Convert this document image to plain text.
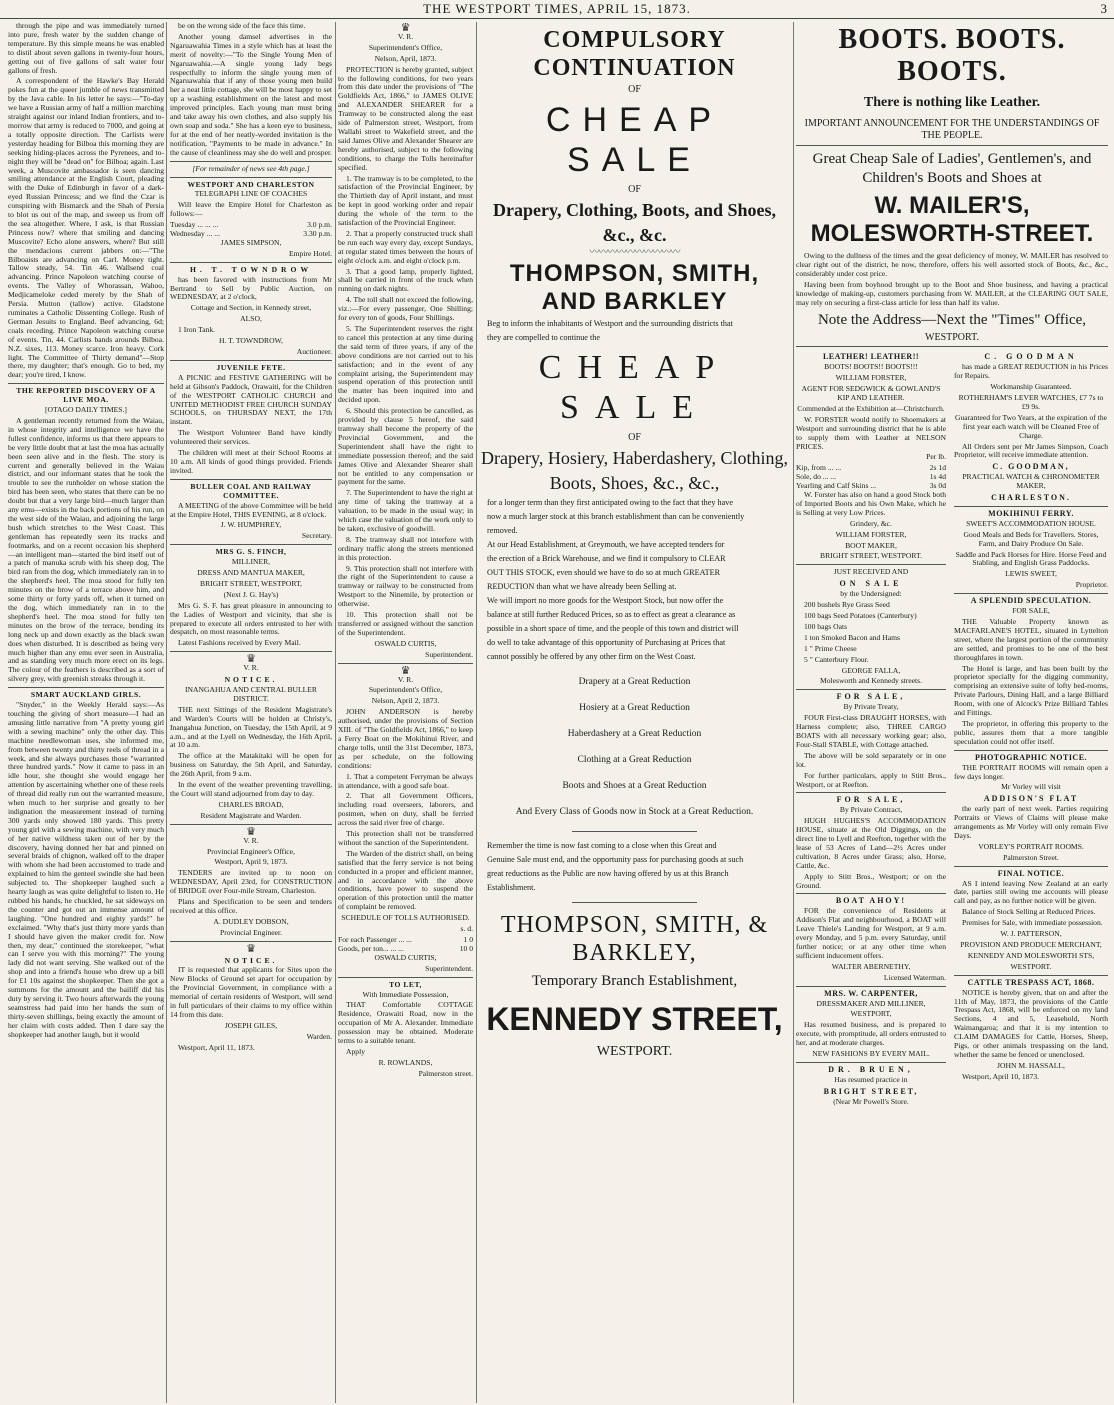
THE WESTPORT TIMES, APRIL 15, 1873.	3

through the pipe and was immediately turned into pure, fresh water by the sudden change of temperature. By this simple means he was enabled to distil about seven gallons in twenty-four hours, getting out of five gallons of salt water four gallons of fresh.

A correspondent of the Hawke's Bay Herald pokes fun at the queer jumble of news transmitted by the Java cable. In his letter he says:—"To-day we have a Russian army of half a million marching straight against our inland Indian frontiers, and to-morrow that army is reduced to 7000, and going at a totally opposite direction. The Carlists were yesterday heading for Bilboa this morning they are seeking hiding-places across the Pyrenees, and to-night they will be "dead on" for Bilboa; again. Last week, a Muscovite ambassador is seen dancing smiling attendance at the English Court, pleading with the Duke of Edinburgh in favor of a dark-eyed Russian Princess; and we find the Czar is conspiring with Bismarck and the Shah of Persia to blot us out of the map, and sweep us from off the sea altogether. Where, I ask, is that Russian Princess now? where that smiling and dancing Muscovite? Echo alone answers, where? But still the mendacious current jabbers on:—"The Bilboaists are advancing on Carl. Money tight. Tallow steady, 54. Tin 46. Wallsend coal advancing. Prince Napoleon watching course of events. The Valley of Whorassan, Wahoo, Medjicameloke ceded merely by the Shah of Persia. Mutton (tallow) active. Gladstone ruminates a Catholic Dissenting College. Rush of German Jesuits to England. Beef advancing, 6d; coals receding. Prince Napoleon watching course of events. Tin, 44. Carlists bands arounds Bilboa. N.Z. sixes, 113. Money scarce. Iron heavy. Cork light. The Committee of Thirty demand"—Stop there, my daughter; that's enough. Go to bed, my dear; you're tired, I know.

THE REPORTED DISCOVERY OF A LIVE MOA.

[OTAGO DAILY TIMES.]

A gentleman recently returned from the Waiau, in whose integrity and intelligence we have the fullest confidence, informs us that there appears to be very little doubt that at last the moa has actually been seen alive and in the flesh. The story is current and generally believed in the Waiau district, and our informant states that he took the trouble to see the runholder on whose station the bird has been seen, who states that there can be no doubt but that a very large bird—much larger than any emu—exists in the back portions of his run, on the west side of the Waiau, and adjoining the large bush which stretches to the West Coast. This gentleman has repeatedly seen its tracks and footmarks, and on a recent occasion his shepherd—an intelligent man—started the bird itself out of a patch of manuka scrub with his sheep dog. The bird ran from the dog, which immediately ran in to the shepherd's heel. The moa stood for fully ten minutes on the brow of a terrace above him, and some thirty or forty yards off, when it turned on the dog, which immediately ran in to the shepherd's heel. The moa stood for fully ten minutes on the brow of the terrace, bending its long neck up and down exactly as the black swan does when disturbed. It is described as being very much higher than any emu ever seen in Australia, and as standing very much more erect on its legs. The colour of the feathers is described as a sort of silvery grey, with greenish streaks through it.

SMART AUCKLAND GIRLS.

"Snyder," in the Weekly Herald says:—As touching the giving of short measure—I had an amusing little narrative from "A pretty young girl with a sewing machine" only the other day. This machine needlewoman uses, she informed me, from between twenty and thirty reels of thread in a week, and she always purchases those "warranted three hundred yards." Now it came to pass in an idle hour, she thought she would engage her attention by ascertaining whether one of these reels of thread did really run out the warranted measure, when much to her surprise and greatly to her indignation the measurement instead of turning 300 yards only showed 180 yards. This pretty young girl with a sewing machine, with very much of her native wildness taken out of her by the discovery, having donned her hat and pinned on several braids of chignon, walked off to the draper with whom she had been accustomed to trade and explained to him the genteel swindle she had been subjected to. The shopkeeper laughed such a hearty laugh as was quite delightful to listen to. He rubbed his hands, he chuckled, he sat sideways on the counter and got out an immense amount of laughing. "One hundred and eighty yards!" he exclaimed. "Why that's just thirty more yards than I should have given the maker credit for. Now then, my dear," continued the storekeeper, "what can I serve you with this morning?" The young lady did not want serving. She walked out of the shop and into a friend's house who drew up a bill for £1 10s against the shopkeeper. Then she got a summons for the amount and the bailiff did his duty by serving it. Two hours afterwards the young seamstress had paid into her hands the sum of thirty-seven shillings, being exactly the amount of her claim with costs added. Then I dare say the shopkeeper had another laugh, but it would

be on the wrong side of the face this time.

Another young damsel advertises in the Ngaruawahia Times in a style which has at least the merit of novelty:—"To the Single Young Men of Ngaruawahia.—A single young lady begs respectfully to inform the single young men of Ngaruawahia that if any of those young men build her a neat little cottage, she will be most happy to set up a washing establishment on the latest and most improved principles. Each young man must bring and take away his own clothes, and also supply his own soap and soda." She has a keen eye to business, for at the end of her neatly-worded invitation is the notification, "Payments to be made in advance." In the cause of cleanliness may she do well and prosper.

[For remainder of news see 4th page.]

WESTPORT AND CHARLESTON

TELEGRAPH LINE OF COACHES

Will leave the Empire Hotel for Charleston as follows:—

Tuesday ... ... ...	3.0 p.m.
Wednesday ... ...	3.30 p.m.

JAMES SIMPSON,

Empire Hotel.

H. T. TOWNDROW

has been favored with instructions from Mr Bertrand to Sell by Public Auction, on WEDNESDAY, at 2 o'clock,

Cottage and Section, in Kennedy street,

ALSO,

1 Iron Tank.

H. T. TOWNDROW,

Auctioneer.

JUVENILE FETE.

A PICNIC and FESTIVE GATHERING will be held at Gibson's Paddock, Orawaiti, for the Children of the WESTPORT CATHOLIC CHURCH and UNITED METHODIST FREE CHURCH SUNDAY SCHOOLS, on THURSDAY NEXT, the 17th instant.

The Westport Volunteer Band have kindly volunteered their services.

The children will meet at their School Rooms at 10 a.m. All kinds of good things provided. Friends invited.

BULLER COAL AND RAILWAY COMMITTEE.

A MEETING of the above Committee will be held at the Empire Hotel, THIS EVENING, at 8 o'clock.

J. W. HUMPHREY,

Secretary.

MRS G. S. FINCH,

MILLINER,

DRESS AND MANTUA MAKER,

BRIGHT STREET, WESTPORT,

(Next J. G. Hay's)

Mrs G. S. F. has great pleasure in announcing to the Ladies of Westport and vicinity, that she is prepared to execute all orders entrusted to her with despatch, on most reasonable terms.

Latest Fashions received by Every Mail.

♛

V. R.

NOTICE.

INANGAHUA AND CENTRAL BULLER DISTRICT.

THE next Sittings of the Resident Magistrate's and Warden's Courts will be holden at Christy's, Inangahua Junction, on Tuesday, the 15th April, at 9 a.m., and at the Lyell on Wednesday, the 16th April, at 10 a.m.

The office at the Matakitaki will be open for business on Saturday, the 5th April, and Saturday, the 26th April, from 9 a.m.

In the event of the weather preventing travelling, the Court will stand adjourned from day to day.

CHARLES BROAD,

Resident Magistrate and Warden.

♛

V. R.

Provincial Engineer's Office,

Westport, April 9, 1873.

TENDERS are invited up to noon on WEDNESDAY, April 23rd, for CONSTRUCTION of BRIDGE over Four-mile Stream, Charleston.

Plans and Specification to be seen and tenders received at this office.

A. DUDLEY DOBSON,

Provincial Engineer.

♛

NOTICE.

IT is requested that applicants for Sites upon the New Blocks of Ground set apart for occupation by the Provincial Government, in compliance with a memorial of certain residents of Westport, will send in full particulars of their claims to my office within 14 from this date.

JOSEPH GILES,

Warden.

Westport, April 11, 1873.

♛

V. R.

Superintendent's Office,

Nelson, April, 1873.

PROTECTION is hereby granted, subject to the following conditions, for two years from this date under the provisions of "The Goldfields Act, 1866," to JAMES OLIVE and ALEXANDER SHEARER for a Tramway to be constructed along the east side of Palmerston street, Westport, from Wallabi street to Wakefield street, and the said James Olive and Alexander Shearer are hereby authorised, subject to the following conditions, to charge the Tolls hereinafter specified.

1. The tramway is to be completed, to the satisfaction of the Provincial Engineer, by the Thirtieth day of April instant, and must be kept in good working order and repair during the whole of the term to the satisfaction of the Provincial Engineer.

2. That a properly constructed truck shall be run each way every day, except Sundays, at regular stated times between the hours of eight o'clock a.m. and eight o'clock p.m.

3. That a good lamp, properly lighted, shall be carried in front of the truck when running on dark nights.

4. The toll shall not exceed the following, viz.:—For every passenger, One Shilling; for every ton of goods, Four Shillings.

5. The Superintendent reserves the right to cancel this protection at any time during the said term of three years, if any of the above conditions are not carried out to his satisfaction; and in the event of any complaint arising, the Superintendent may suspend operation of this protection until the matter has been inquired into and decided upon.

6. Should this protection be cancelled, as provided by clause 5 hereof, the said tramway shall become the property of the Provincial Government, and the Superintendent shall have the right to immediate possession thereof; and the said James Olive and Alexander Shearer shall not be entitled to any compensation or payment for the same.

7. The Superintendent to have the right at any time of taking the tramway at a valuation, to be made in the usual way; in which case the valuation of the work only to be taken, exclusive of goodwill.

8. The tramway shall not interfere with ordinary traffic along the streets mentioned in this protection.

9. This protection shall not interfere with the right of the Superintendent to cause a tramway or railway to be constructed from Westport to the Ninemile, by protection or otherwise.

10. This protection shall not be transferred or assigned without the sanction of the Superintendent.

OSWALD CURTIS,

Superintendent.

♛

V. R.

Superintendent's Office,

Nelson, April 2, 1873.

JOHN ANDERSON is hereby authorised, under the provisions of Section XIII. of "The Goldfields Act, 1866," to keep a Ferry Boat on the Mokihinui River, and charge tolls, until the 31st December, 1873, as per schedule, on the following conditions:

1. That a competent Ferryman be always in attendance, with a good safe boat.

2. That all Government Officers, including road overseers, laborers, and postmen, when on duty, shall be ferried across the said river free of charge.

This protection shall not be transferred without the sanction of the Superintendent.

The Warden of the district shall, on being satisfied that the ferry service is not being conducted in a proper and efficient manner, and in accordance with the above conditions, have power to suspend the operation of this protection until the matter of complaint be removed.

SCHEDULE OF TOLLS AUTHORISED.

s. d.

For each Passenger ... ...	1 0
Goods, per ton... ... ...	10 0

OSWALD CURTIS,

Superintendent.

TO LET,

With Immediate Possession,

THAT Comfortable COTTAGE Residence, Orawaiti Road, now in the occupation of Mr A. Alexander. Immediate possession may be obtained. Moderate terms to a suitable tenant.

Apply

R. ROWLANDS,

Palmerston street.

COMPULSORY CONTINUATION

OF

CHEAP SALE

OF

Drapery, Clothing, Boots, and Shoes,

&c., &c.

〰〰〰〰〰〰〰〰〰〰

THOMPSON, SMITH, AND BARKLEY

Beg to inform the inhabitants of Westport and the surrounding districts that

they are compelled to continue the

CHEAP SALE

OF

Drapery, Hosiery, Haberdashery, Clothing,

Boots, Shoes, &c., &c.,

for a longer term than they first anticipated owing to the fact that they have

now a much larger stock at this branch establishment than can be conveniently

removed.

At our Head Establishment, at Greymouth, we have accepted tenders for

the erection of a Brick Warehouse, and we find it compulsory to CLEAR

OUT THIS STOCK, even should we have to do so at much GREATER

REDUCTION than what we have already been Selling at.

We will import no more goods for the Westport Stock, but now offer the

balance at still further Reduced Prices, so as to effect as great a clearance as

possible in a short space of time, and the people of this town and district will

do well to take advantage of this opportunity of Purchasing at Prices that

cannot possibly be offered by any other firm on the West Coast.

Drapery at a Great Reduction

Hosiery at a Great Reduction

Haberdashery at a Great Reduction

Clothing at a Great Reduction

Boots and Shoes at a Great Reduction

And Every Class of Goods now in Stock at a Great Reduction.

Remember the time is now fast coming to a close when this Great and

Genuine Sale must end, and the opportunity pass for purchasing goods at such

great reductions as the Public are now having offered by us at this Branch

Establishment.

THOMPSON, SMITH, & BARKLEY,

Temporary Branch Establishment,

KENNEDY STREET,

WESTPORT.

BOOTS. BOOTS. BOOTS.

There is nothing like Leather.

IMPORTANT ANNOUNCEMENT FOR THE UNDERSTANDINGS OF THE PEOPLE.

Great Cheap Sale of Ladies', Gentlemen's, and Children's Boots and Shoes at

W. MAILER'S, MOLESWORTH-STREET.

Owing to the dullness of the times and the great deficiency of money, W. MAILER has resolved to clear right out of the district, he now, therefore, offers his well assorted stock of Boots, &c., &c., considerably under cost price.

Having been from boyhood brought up to the Boot and Shoe business, and having a practical knowledge of making-up, customers purchasing from W. MAILER, at the CLEARING OUT SALE, may rely on securing a first-class article for less than half its value.

Note the Address—Next the "Times" Office,

WESTPORT.

LEATHER! LEATHER!!

BOOTS! BOOTS!! BOOTS!!!

WILLIAM FORSTER,

AGENT FOR SEDGWICK & GOWLAND'S KIP AND LEATHER.

Commended at the Exhibition at—Christchurch.

W. FORSTER would notify to Shoemakers at Westport and surrounding district that he is able to supply them with Leather at NELSON PRICES.

Per lb.

Kip, from ... ...	2s 1d
Sole, do ... ...	1s 4d
Yearling and Calf Skins ...	3s 0d

W. Forster has also on hand a good Stock both of Imported Boots and his Own Make, which he is Selling at very Low Prices.

Grindery, &c.

WILLIAM FORSTER,

BOOT MAKER,

BRIGHT STREET, WESTPORT.

JUST RECEIVED AND

ON SALE

by the Undersigned:

200 bushels Rye Grass Seed

100 bags Seed Potatoes (Canterbury)

100 bags Oats

1 ton Smoked Bacon and Hams

1 " Prime Cheese

5 " Canterbury Flour.

GEORGE FALLA,

Molesworth and Kennedy streets.

FOR SALE,

By Private Treaty,

FOUR First-class DRAUGHT HORSES, with Harness complete; also, THREE CARGO BOATS with all necessary working gear; also, Four-Stall STABLE, with Cottage attached.

The above will be sold separately or in one lot.

For further particulars, apply to Stitt Bros., Westport, or at Reefton.

FOR SALE,

By Private Contract,

HUGH HUGHES'S ACCOMMODATION HOUSE, situate at the Old Diggings, on the direct line to Lyell and Reefton, together with the lease of 53 Acres of Land—2½ Acres under cultivation, 8 Acres under Grass; also, Horse, Cattle, &c.

Apply to Stitt Bros., Westport; or on the Ground.

BOAT AHOY!

FOR the convenience of Residents at Addison's Flat and neighbourhood, a BOAT will Leave Thiele's Landing for Westport, at 9 a.m. every Monday, and 5 p.m. every Saturday, until further notice; or at any other time when sufficient inducement offers.

WALTER ABERNETHY,

Licensed Waterman.

MRS. W. CARPENTER,

DRESSMAKER AND MILLINER,

WESTPORT,

Has resumed business, and is prepared to execute, with promptitude, all orders entrusted to her, and at moderate charges.

NEW FASHIONS BY EVERY MAIL.

DR. BRUEN,

Has resumed practice in

BRIGHT STREET,

(Near Mr Powell's Store.

C. GOODMAN

has made a GREAT REDUCTION in his Prices for Repairs.

Workmanship Guaranteed.

ROTHERHAM'S LEVER WATCHES, £7 7s to £9 9s.

Guaranteed for Two Years, at the expiration of the first year each watch will be Cleaned Free of Charge.

All Orders sent per Mr James Simpson, Coach Proprietor, will receive immediate attention.

C. GOODMAN,

PRACTICAL WATCH & CHRONOMETER MAKER,

CHARLESTON.

MOKIHINUI FERRY.

SWEET'S ACCOMMODATION HOUSE.

Good Meals and Beds for Travellers. Stores, Farm, and Dairy Produce On Sale.

Saddle and Pack Horses for Hire. Horse Feed and Stabling, and English Grass Paddocks.

LEWIS SWEET,

Proprietor.

A SPLENDID SPECULATION.

FOR SALE,

THE Valuable Property known as MACFARLANE'S HOTEL, situated in Lyttelton street, where the largest portion of the community are settled, and promises to be one of the best thoroughfares in town.

The Hotel is large, and has been built by the proprietor specially for the digging community, comprising an extensive suite of lofty bed-rooms, Private Parlours, Dining Hall, and a large Billiard Room, with one of Alcock's Prize Billiard Tables and Fittings.

The proprietor, in offering this property to the public, assures them that a more tangible speculation could not offer itself.

PHOTOGRAPHIC NOTICE.

THE PORTRAIT ROOMS will remain open a few days longer.

Mr Vorley will visit

ADDISON'S FLAT

the early part of next week. Parties requiring Portraits or Views of Claims will please make arrangements as Mr Vorley will only remain Five Days.

VORLEY'S PORTRAIT ROOMS.

Palmerston Street.

FINAL NOTICE.

AS I intend leaving New Zealand at an early date, parties still owing me accounts will please call and pay, as no further notice will be given.

Balance of Stock Selling at Reduced Prices.

Premises for Sale, with immediate possession.

W. J. PATTERSON,

PROVISION AND PRODUCE MERCHANT,

KENNEDY AND MOLESWORTH STS,

WESTPORT.

CATTLE TRESPASS ACT, 1868.

NOTICE is hereby given, that on and after the 11th of May, 1873, the provisions of the Cattle Trespass Act, 1868, will be enforced on my land Sections, 4 and 5, Leasehold, North Waimangaroa; and that it is my intention to CLAIM DAMAGES for Cattle, Horses, Sheep, Pigs, or other animals trespassing on the land, whether the same be fenced or unenclosed.

JOHN M. HASSALL,

Westport, April 10, 1873.
